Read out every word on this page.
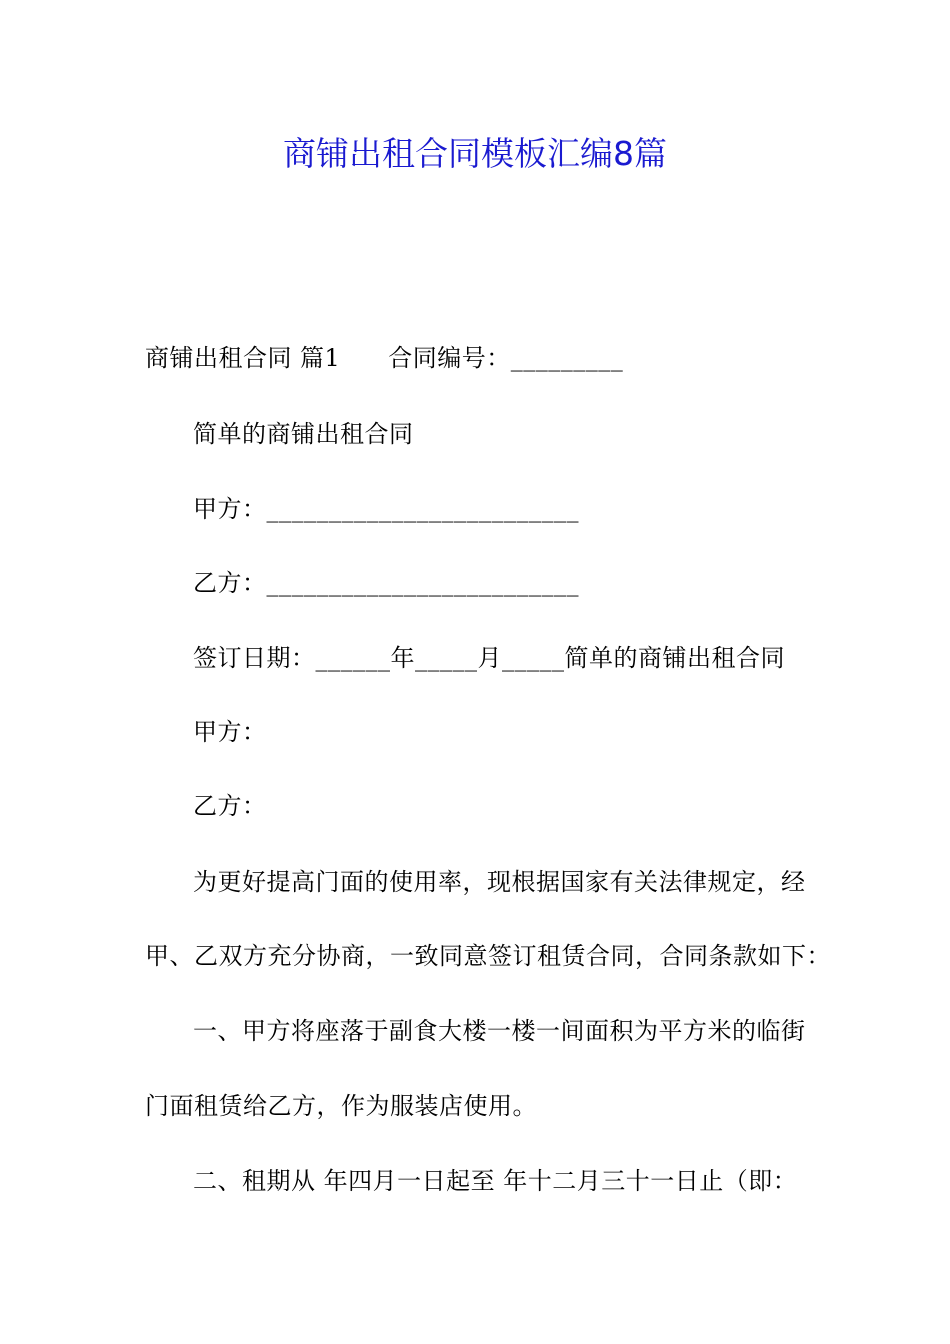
商铺出租合同模板汇编8篇
商铺出租合同 篇1 合同编号：_________
简单的商铺出租合同
甲方：_________________________
乙方：_________________________
签订日期：______年_____月_____简单的商铺出租合同
甲方：
乙方：
为更好提高门面的使用率，现根据国家有关法律规定，经
甲、乙双方充分协商，一致同意签订租赁合同，合同条款如下：
一、甲方将座落于副食大楼一楼一间面积为平方米的临街
门面租赁给乙方，作为服装店使用。
二、租期从 年四月一日起至 年十二月三十一日止（即：
